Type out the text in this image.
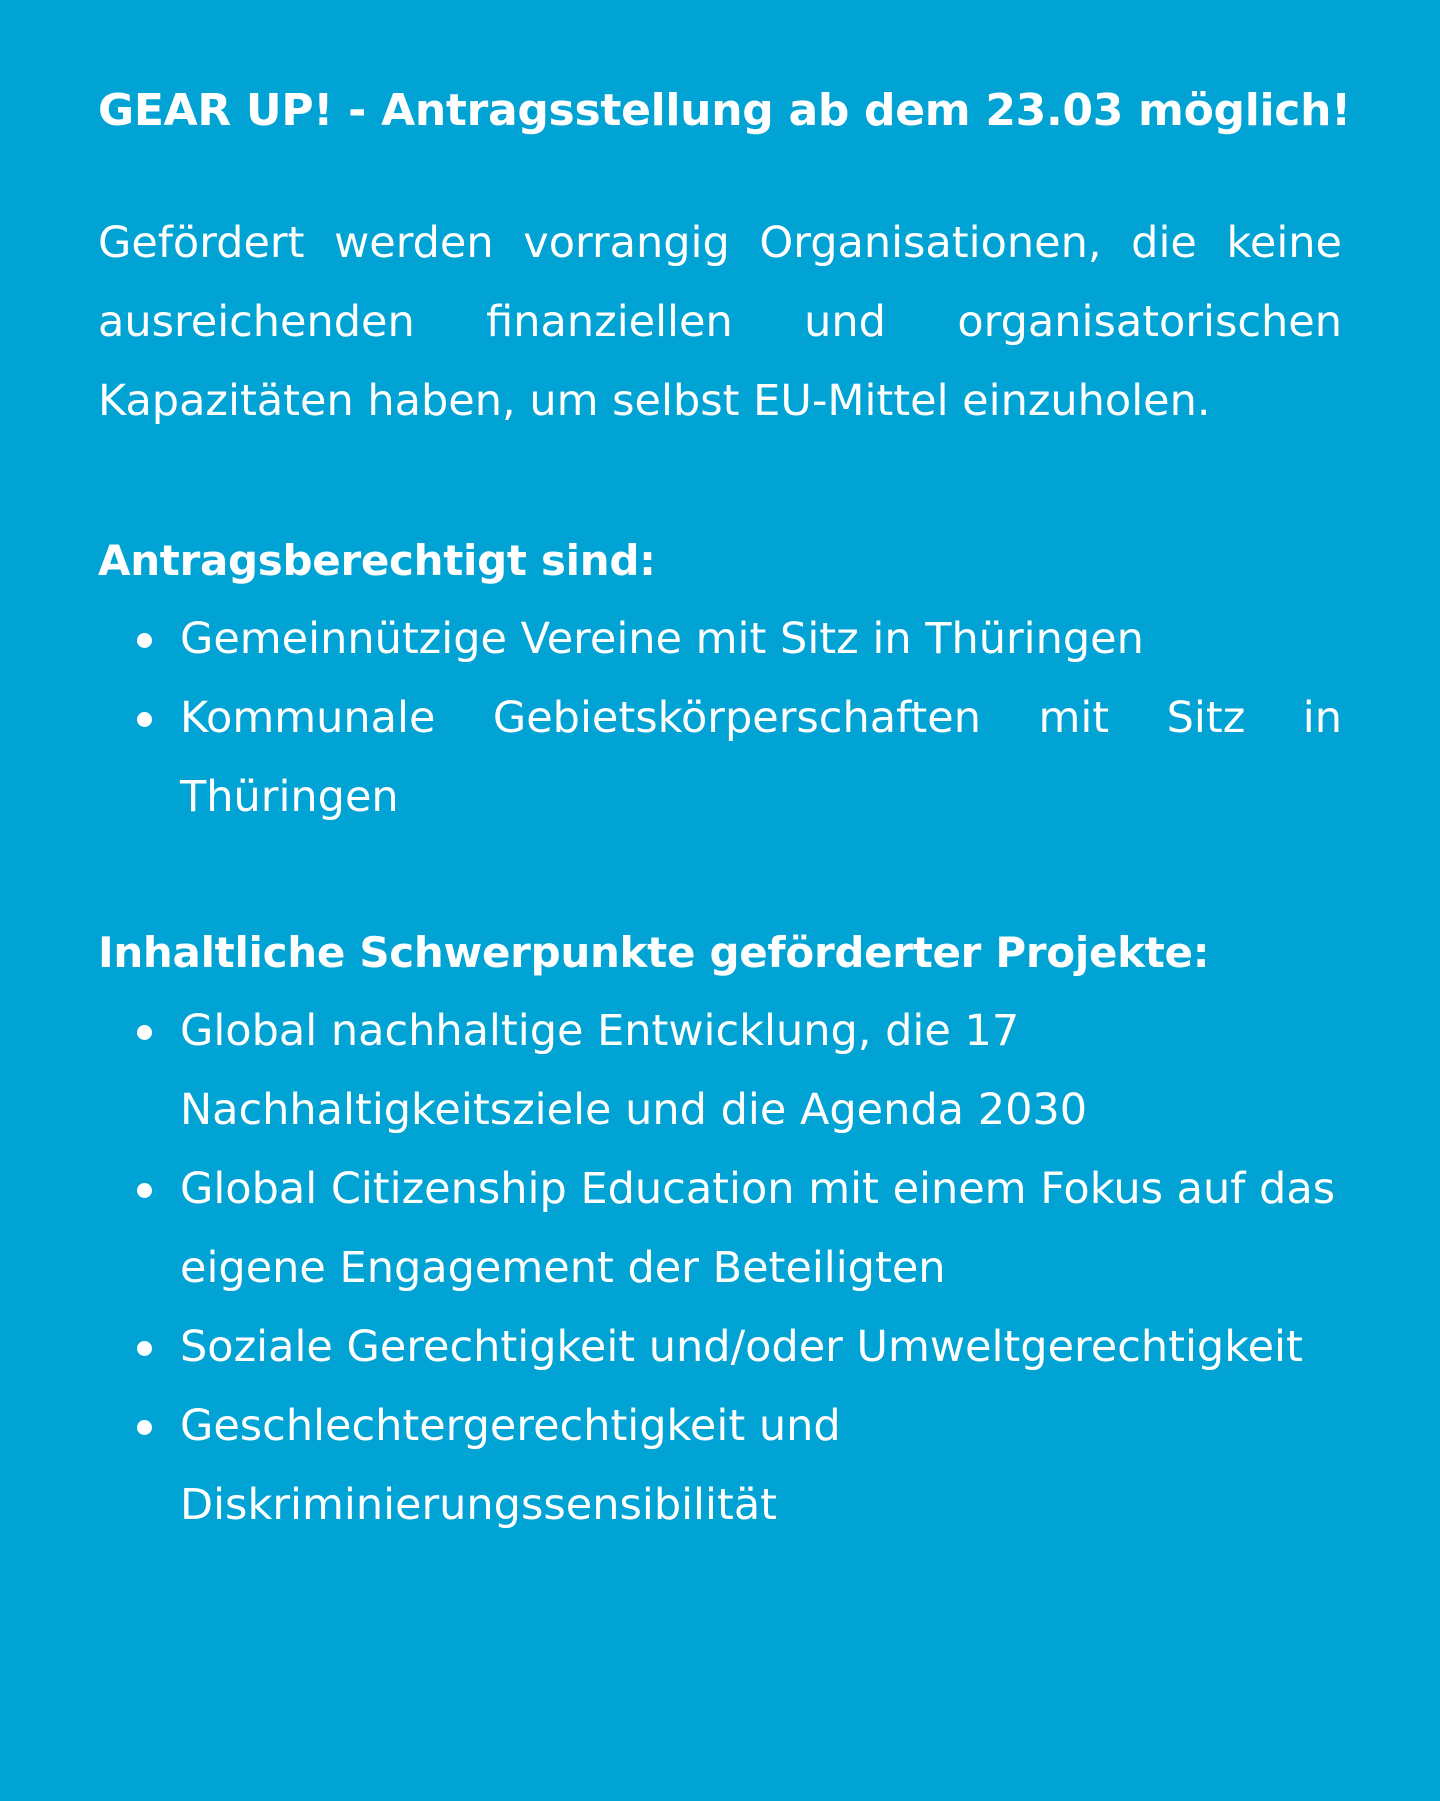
GEAR UP! - Antragsstellung ab dem 23.03 möglich!

Gefördert werden vorrangig Organisationen, die keine ausreichenden finanziellen und organisatorischen Kapazitäten haben, um selbst EU-Mittel einzuholen.

Antragsberechtigt sind:
Gemeinnützige Vereine mit Sitz in Thüringen
Kommunale Gebietskörperschaften mit Sitz in Thüringen
Inhaltliche Schwerpunkte geförderter Projekte:
Global nachhaltige Entwicklung, die 17 Nachhaltigkeitsziele und die Agenda 2030
Global Citizenship Education mit einem Fokus auf das eigene Engagement der Beteiligten
Soziale Gerechtigkeit und/oder Umweltgerechtigkeit
Geschlechtergerechtigkeit und Diskriminierungssensibilität
